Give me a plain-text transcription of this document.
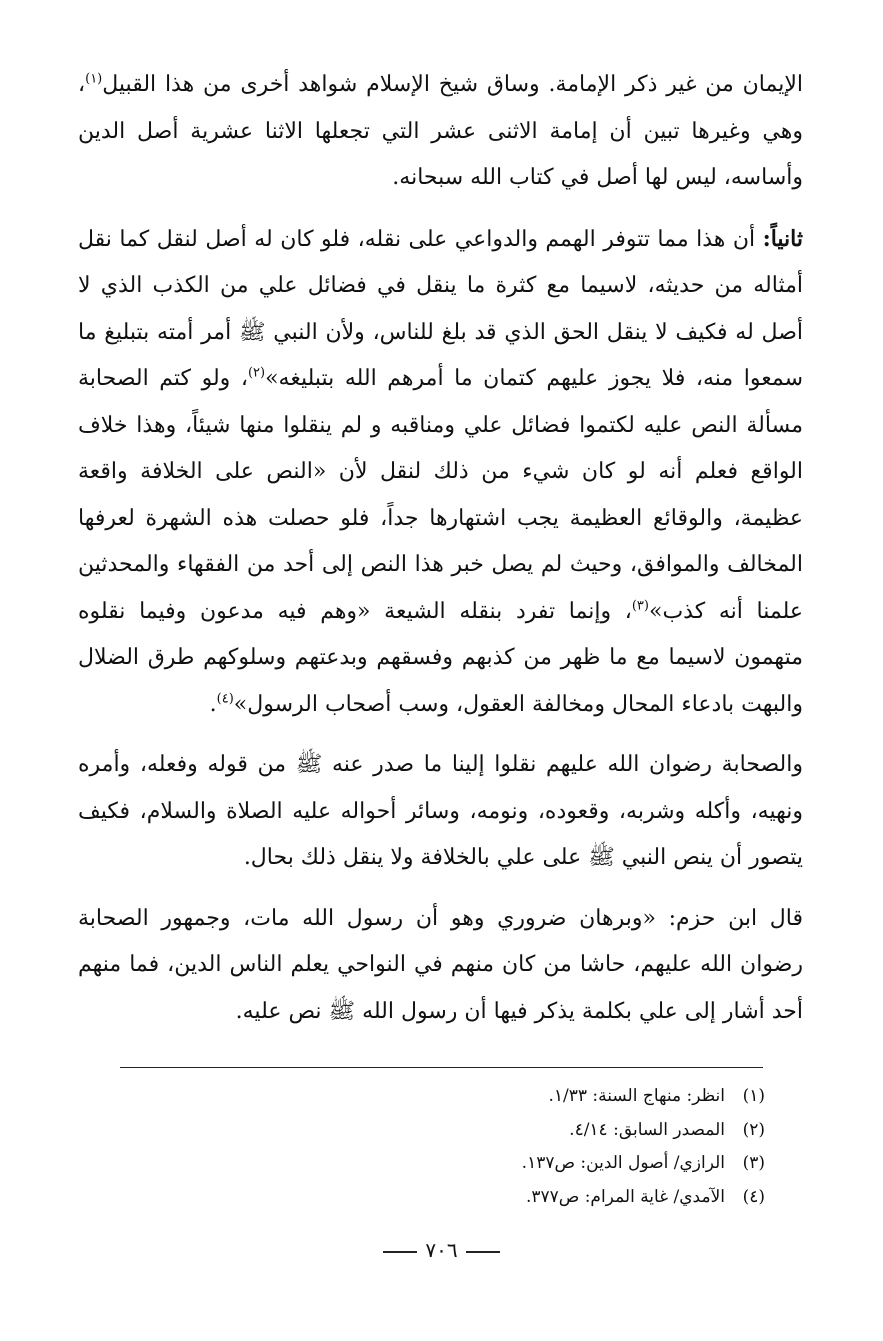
الإيمان من غير ذكر الإمامة. وساق شيخ الإسلام شواهد أخرى من هذا القبيل$^{(١)}$، وهي وغيرها تبين أن إمامة الاثنى عشر التي تجعلها الاثنا عشرية أصل الدين وأساسه، ليس لها أصل في كتاب الله سبحانه.

ثانياً: أن هذا مما تتوفر الهمم والدواعي على نقله، فلو كان له أصل لنقل كما نقل أمثاله من حديثه، لاسيما مع كثرة ما ينقل في فضائل علي من الكذب الذي لا أصل له فكيف لا ينقل الحق الذي قد بلغ للناس، ولأن النبي ﷺ أمر أمته بتبليغ ما سمعوا منه، فلا يجوز عليهم كتمان ما أمرهم الله بتبليغه»$^{(٢)}$، ولو كتم الصحابة مسألة النص عليه لكتموا فضائل علي ومناقبه و لم ينقلوا منها شيئاً، وهذا خلاف الواقع فعلم أنه لو كان شيء من ذلك لنقل لأن «النص على الخلافة واقعة عظيمة، والوقائع العظيمة يجب اشتهارها جداً، فلو حصلت هذه الشهرة لعرفها المخالف والموافق، وحيث لم يصل خبر هذا النص إلى أحد من الفقهاء والمحدثين علمنا أنه كذب»$^{(٣)}$، وإنما تفرد بنقله الشيعة «وهم فيه مدعون وفيما نقلوه متهمون لاسيما مع ما ظهر من كذبهم وفسقهم وبدعتهم وسلوكهم طرق الضلال والبهت بادعاء المحال ومخالفة العقول، وسب أصحاب الرسول»$^{(٤)}$.

والصحابة رضوان الله عليهم نقلوا إلينا ما صدر عنه ﷺ من قوله وفعله، وأمره ونهيه، وأكله وشربه، وقعوده، ونومه، وسائر أحواله عليه الصلاة والسلام، فكيف يتصور أن ينص النبي ﷺ على علي بالخلافة ولا ينقل ذلك بحال.

قال ابن حزم: «وبرهان ضروري وهو أن رسول الله مات، وجمهور الصحابة رضوان الله عليهم، حاشا من كان منهم في النواحي يعلم الناس الدين، فما منهم أحد أشار إلى علي بكلمة يذكر فيها أن رسول الله ﷺ نص عليه.

(١)
انظر: منهاج السنة: ١/٣٣.
(٢)
المصدر السابق: ٤/١٤.
(٣)
الرازي/ أصول الدين: ص١٣٧.
(٤)
الآمدي/ غاية المرام: ص٣٧٧.
٧٠٦
